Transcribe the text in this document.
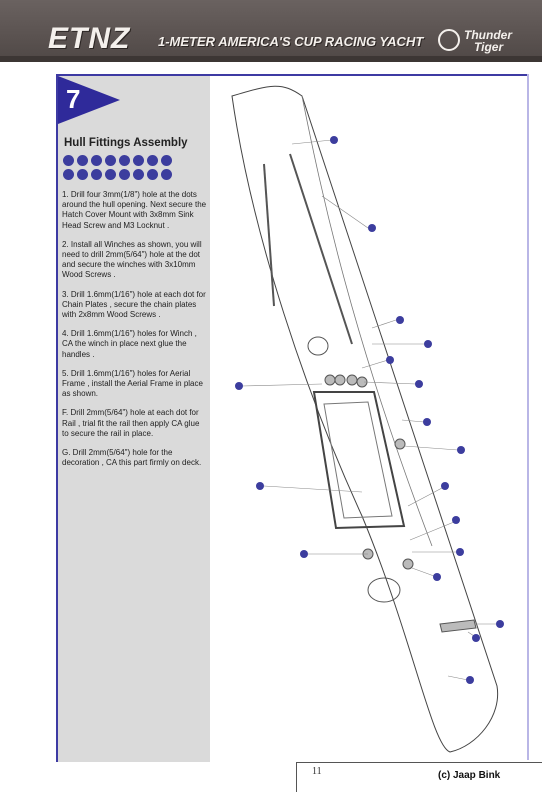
ETNZ 1-METER AMERICA'S CUP RACING YACHT	Thunder
Tiger
7
Hull Fittings Assembly

1. Drill four 3mm(1/8") hole at the dots around the hull opening. Next secure the Hatch Cover Mount with 3x8mm Sink Head Screw and M3 Locknut .

2. Install all Winches as shown, you will need to drill 2mm(5/64") hole at the dot and secure the winches with 3x10mm Wood Screws .

3. Drill 1.6mm(1/16") hole at each dot for Chain Plates , secure the chain plates with 2x8mm Wood Screws .

4. Drill 1.6mm(1/16") holes for Winch , CA the winch in place next glue the handles .

5. Drill 1.6mm(1/16") holes for Aerial Frame , install the Aerial Frame in place as shown.

F. Drill 2mm(5/64") hole at each dot for Rail , trial fit the rail then apply CA glue to secure the rail in place.

G. Drill 2mm(5/64") hole for the decoration , CA this part firmly on deck.

11	(c) Jaap Bink
